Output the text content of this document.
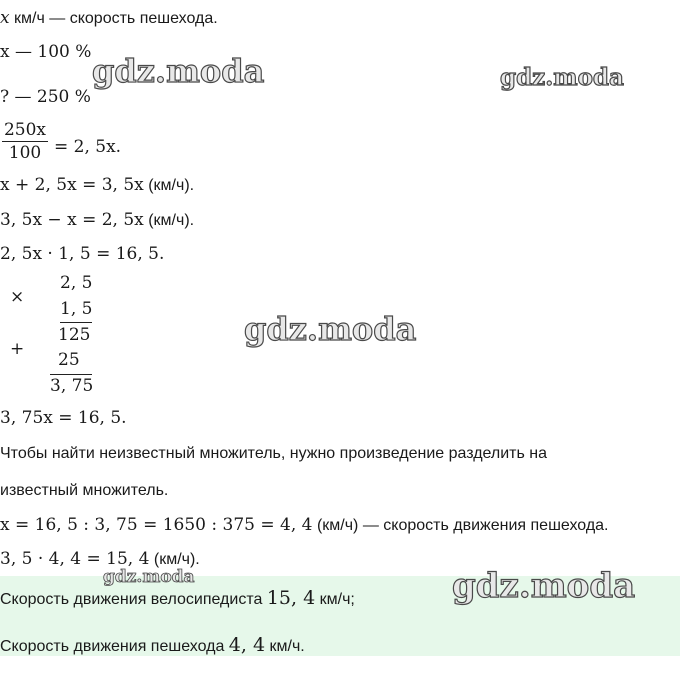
x км/ч — скорость пешехода.
x — 100 %
? — 250 %
$\frac{250x}{100} = 2$, 5x.
x + 2, 5x = 3, 5x (км/ч).
3, 5x − x = 2, 5x (км/ч).
2, 5x · 1, 5 = 16, 5.
×
+
2, 5
1, 5
125
25
3, 75
3, 75x = 16, 5.
Чтобы найти неизвестный множитель, нужно произведение разделить на
известный множитель.
x = 16, 5 : 3, 75 = 1650 : 375 = 4, 4 (км/ч) — скорость движения пешехода.
3, 5 · 4, 4 = 15, 4 (км/ч).
Скорость движения велосипедиста 15, 4 км/ч;
Скорость движения пешехода 4, 4 км/ч.
gdz.moda	gdz.moda
gdz.moda
gdz.moda	gdz.moda
